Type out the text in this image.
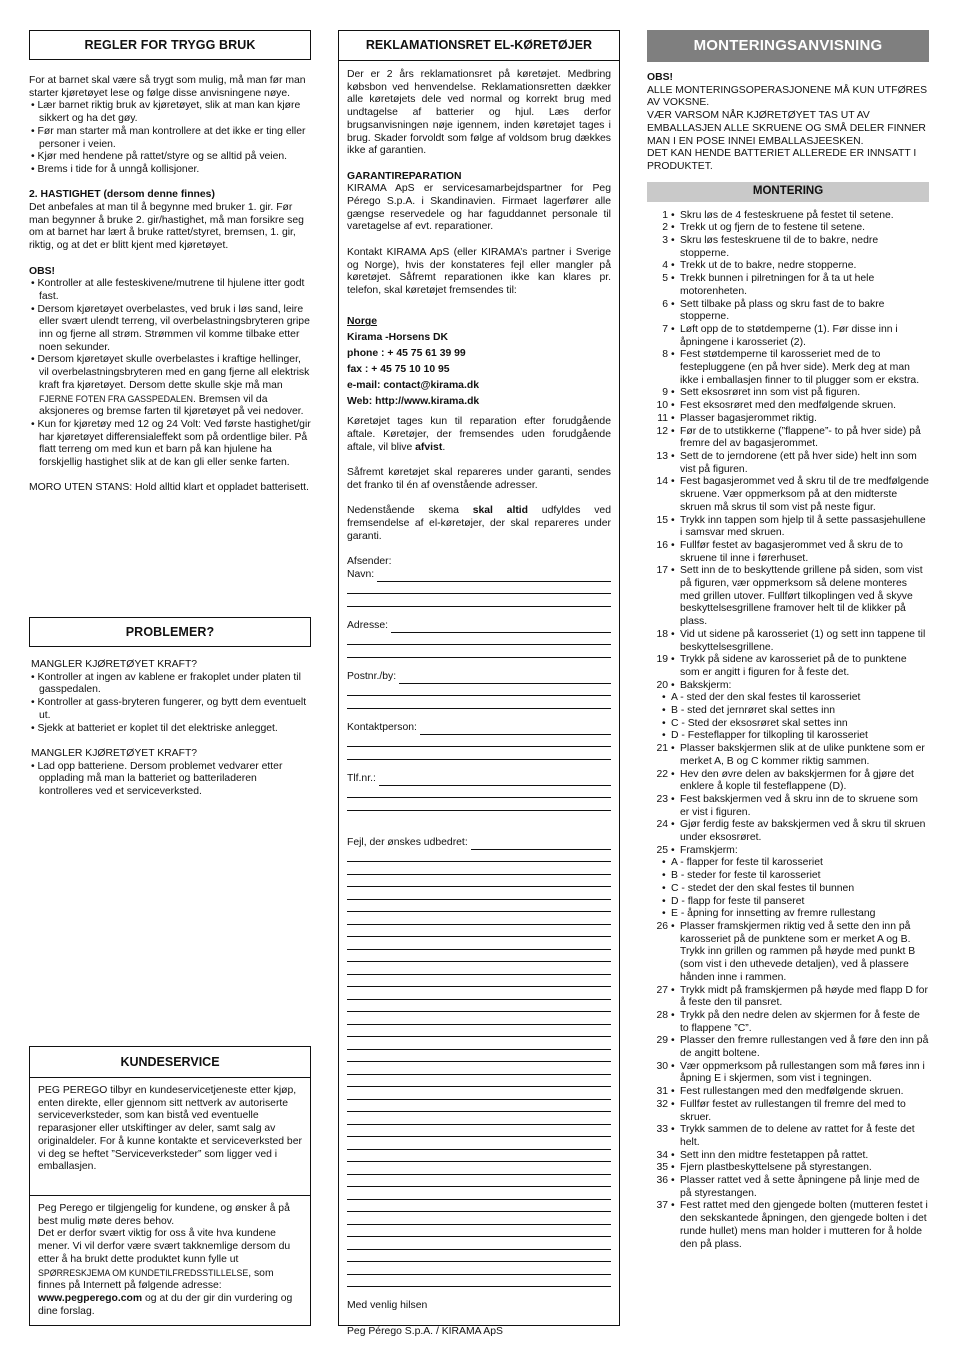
REGLER FOR TRYGG BRUK

For at barnet skal være så trygt som mulig, må man før man starter kjøretøyet lese og følge disse anvisningene nøye.

• Lær barnet riktig bruk av kjøretøyet, slik at man kan kjøre sikkert og ha det gøy.
• Før man starter må man kontrollere at det ikke er ting eller personer i veien.
• Kjør med hendene på rattet/styre og se alltid på veien.
• Brems i tide for å unngå kollisjoner.

2. HASTIGHET (dersom denne finnes)

Det anbefales at man til å begynne med bruker 1. gir. Før man begynner å bruke 2. gir/hastighet, må man forsikre seg om at barnet har lært å bruke rattet/styret, bremsen, 1. gir, riktig, og at det er blitt kjent med kjøretøyet.

OBS!

• Kontroller at alle festeskivene/mutrene til hjulene itter godt fast.
• Dersom kjøretøyet overbelastes, ved bruk i løs sand, leire eller svært ulendt terreng, vil overbelastningsbryteren gripe inn og fjerne all strøm. Strømmen vil komme tilbake etter noen sekunder.
• Dersom kjøretøyet skulle overbelastes i kraftige hellinger, vil overbelastningsbryteren med en gang fjerne all elektrisk kraft fra kjøretøyet. Dersom dette skulle skje må man FJERNE FOTEN FRA GASSPEDALEN. Bremsen vil da aksjoneres og bremse farten til kjøretøyet på vei nedover.
• Kun for kjøretøy med 12 og 24 Volt: Ved første hastighet/gir har kjøretøyet differensialeffekt som på ordentlige biler. På flatt terreng om med kun et barn på kan hjulene ha forskjellig hastighet slik at de kan gli eller senke farten.

MORO UTEN STANS: Hold alltid klart et oppladet batterisett.

PROBLEMER?

MANGLER KJØRETØYET KRAFT?

• Kontroller at ingen av kablene er frakoplet under platen til gasspedalen.
• Kontroller at gass-bryteren fungerer, og bytt dem eventuelt ut.
• Sjekk at batteriet er koplet til det elektriske anlegget.

MANGLER KJØRETØYET KRAFT?

• Lad opp batteriene. Dersom problemet vedvarer etter opplading må man la batteriet og batteriladeren kontrolleres ved et serviceverksted.
KUNDESERVICE
PEG PEREGO tilbyr en kundeservicetjeneste etter kjøp, enten direkte, eller gjennom sitt nettverk av autoriserte serviceverksteder, som kan bistå ved eventuelle reparasjoner eller utskiftinger av deler, samt salg av originaldeler. For å kunne kontakte et serviceverksted ber vi deg se heftet ”Serviceverksteder” som ligger ved i emballasjen.
Peg Perego er tilgjengelig for kundene, og ønsker å på best mulig møte deres behov.
Det er derfor svært viktig for oss å vite hva kundene mener. Vi vil derfor være svært takknemlige dersom du etter å ha brukt dette produktet kunn fylle ut SPØRRESKJEMA OM KUNDETILFREDSSTILLELSE, som finnes på Internett på følgende adresse: www.pegperego.com og at du der gir din vurdering og dine forslag.
REKLAMATIONSRET EL-KØRETØJER

Der er 2 års reklamationsret på køretøjet. Medbring købsbon ved henvendelse. Reklamationsretten dækker alle køretøjets dele ved normal og korrekt brug med undtagelse af batterier og hjul. Læs derfor brugsanvisningen nøje igennem, inden køretøjet tages i brug. Skader forvoldt som følge af voldsom brug dækkes ikke af garantien.

GARANTIREPARATION

KIRAMA ApS er servicesamarbejdspartner for Peg Pérego S.p.A. i Skandinavien. Firmaet lagerfører alle gængse reservedele og har faguddannet personale til varetagelse af evt. reparationer.

Kontakt KIRAMA ApS (eller KIRAMA’s partner i Sverige og Norge), hvis der konstateres fejl eller mangler på køretøjet. Såfremt reparationen ikke kan klares pr. telefon, skal køretøjet fremsendes til:

Norge
Kirama -Horsens DK
phone : + 45 75 61 39 99
fax : + 45 75 10 10 95
e-mail: contact@kirama.dk
Web: http://www.kirama.dk

Køretøjet tages kun til reparation efter forudgående aftale. Køretøjer, der fremsendes uden forudgående aftale, vil blive afvist.

Såfremt køretøjet skal repareres under garanti, sendes det franko til én af ovenstående adresser.

Nedenstående skema skal altid udfyldes ved fremsendelse af el-køretøjer, der skal repareres under garanti.

Afsender:
Navn:
Adresse:
Postnr./by:
Kontaktperson:
Tlf.nr.:
Fejl, der ønskes udbedret:
Med venlig hilsen
Peg Pérego S.p.A. / KIRAMA ApS
MONTERINGSANVISNING

OBS!

ALLE MONTERINGSOPERASJONENE MÅ KUN UTFØRES AV VOKSNE.
VÆR VARSOM NÅR KJØRETØYET TAS UT AV EMBALLASJEN ALLE SKRUENE OG SMÅ DELER FINNER MAN I EN POSE INNEI EMBALLASJEESKEN.
DET KAN HENDE BATTERIET ALLEREDE ER INNSATT I PRODUKTET.

MONTERING
1 • Skru løs de 4 festeskruene på festet til setene.
2 • Trekk ut og fjern de to festene til setene.
3 • Skru løs festeskruene til de to bakre, nedre stopperne.
4 • Trekk ut de to bakre, nedre stopperne.
5 • Trekk bunnen i pilretningen for å ta ut hele motorenheten.
6 • Sett tilbake på plass og skru fast de to bakre stopperne.
7 • Løft opp de to støtdemperne (1). Før disse inn i åpningene i karosseriet (2).
8 • Fest støtdemperne til karosseriet med de to festepluggene (en på hver side). Merk deg at man ikke i emballasjen finner to til plugger som er ekstra.
9 • Sett eksosrøret inn som vist på figuren.
10 • Fest eksosrøret med den medfølgende skruen.
11 • Plasser bagasjerommet riktig.
12 • Før de to utstikkerne (”flappene”- to på hver side) på fremre del av bagasjerommet.
13 • Sett de to jerndorene (ett på hver side) helt inn som vist på figuren.
14 • Fest bagasjerommet ved å skru til de tre medfølgende skruene. Vær oppmerksom på at den midterste skruen må skrus til som vist på neste figur.
15 • Trykk inn tappen som hjelp til å sette passasjehullene i samsvar med skruen.
16 • Fullfør festet av bagasjerommet ved å skru de to skruene til inne i førerhuset.
17 • Sett inn de to beskyttende grillene på siden, som vist på figuren, vær oppmerksom så delene monteres med grillen utover. Fullført tilkoplingen ved å skyve beskyttelsesgrillene framover helt til de klikker på plass.
18 • Vid ut sidene på karosseriet (1) og sett inn tappene til beskyttelsesgrillene.
19 • Trykk på sidene av karosseriet på de to punktene som er angitt i figuren for å feste det.
20 • Bakskjerm:
• A - sted der den skal festes til karosseriet
• B - sted det jernrøret skal settes inn
• C - Sted der eksosrøret skal settes inn
• D - Festeflapper for tilkopling til karosseriet
21 • Plasser bakskjermen slik at de ulike punktene som er merket A, B og C kommer riktig sammen.
22 • Hev den øvre delen av bakskjermen for å gjøre det enklere å kople til festeflappene (D).
23 • Fest bakskjermen ved å skru inn de to skruene som er vist i figuren.
24 • Gjør ferdig feste av bakskjermen ved å skru til skruen under eksosrøret.
25 • Framskjerm:
• A - flapper for feste til karosseriet
• B - steder for feste til karosseriet
• C - stedet der den skal festes til bunnen
• D - flapp for feste til panseret
• E - åpning for innsetting av fremre rullestang
26 • Plasser framskjermen riktig ved å sette den inn på karosseriet på de punktene som er merket A og B. Trykk inn grillen og rammen på høyde med punkt B (som vist i den uthevede detaljen), ved å plassere hånden inne i rammen.
27 • Trykk midt på framskjermen på høyde med flapp D for å feste den til pansret.
28 • Trykk på den nedre delen av skjermen for å feste de to flappene ”C”.
29 • Plasser den fremre rullestangen ved å føre den inn på de angitt boltene.
30 • Vær oppmerksom på rullestangen som må føres inn i åpning E i skjermen, som vist i tegningen.
31 • Fest rullestangen med den medfølgende skruen.
32 • Fullfør festet av rullestangen til fremre del med to skruer.
33 • Trykk sammen de to delene av rattet for å feste det helt.
34 • Sett inn den midtre festetappen på rattet.
35 • Fjern plastbeskyttelsene på styrestangen.
36 • Plasser rattet ved å sette åpningene på linje med de på styrestangen.
37 • Fest rattet med den gjengede bolten (mutteren festet i den sekskantede åpningen, den gjengede bolten i det runde hullet) mens man holder i mutteren for å holde den på plass.
